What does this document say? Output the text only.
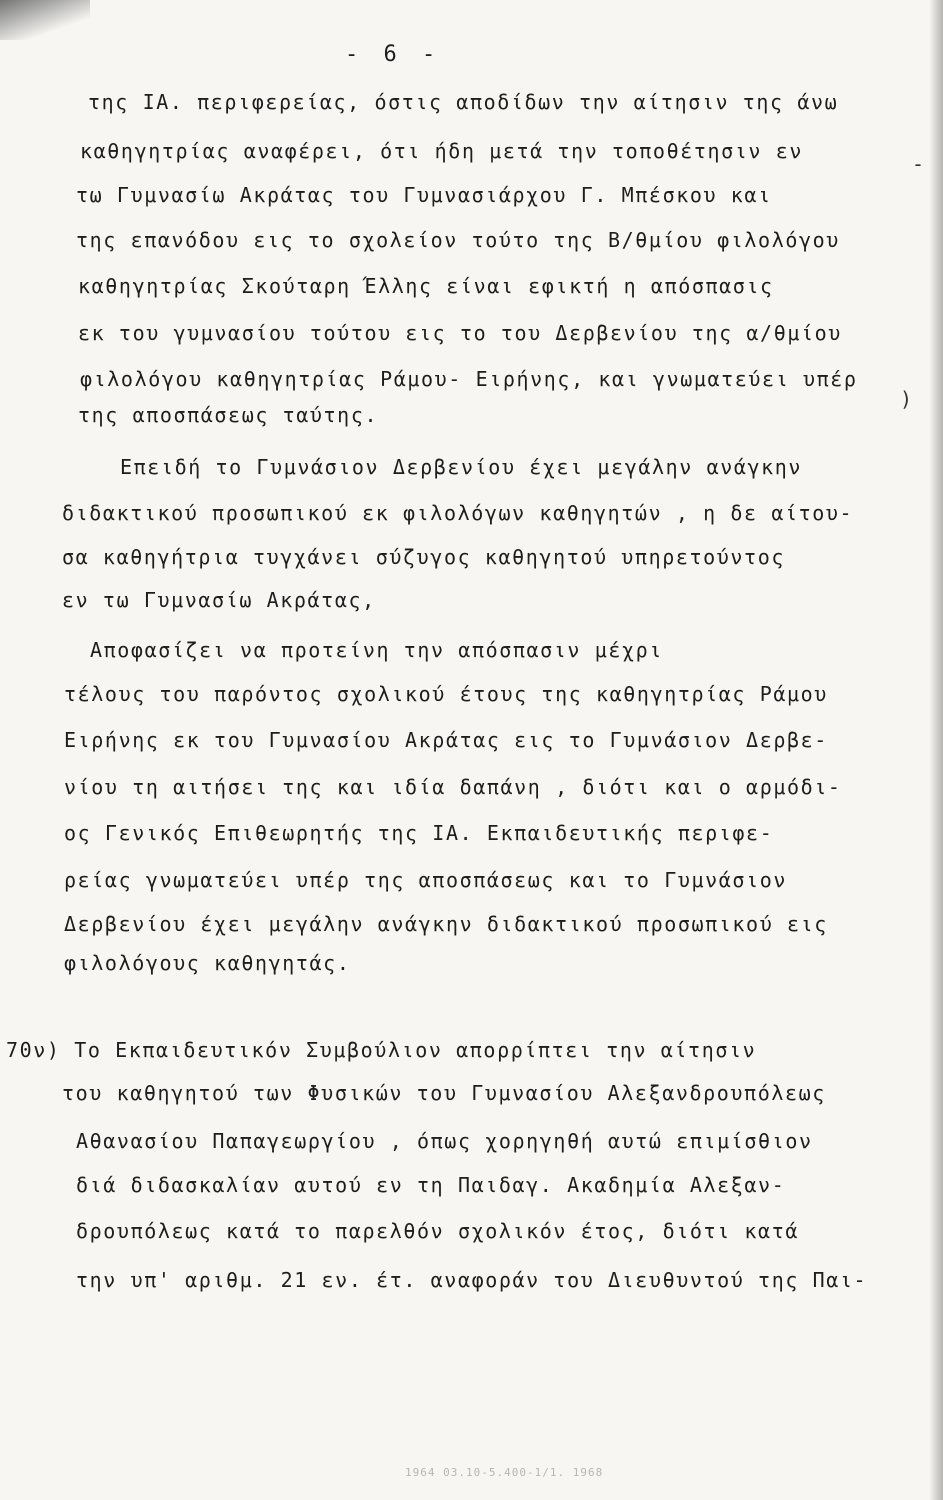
- 6 -
της ΙΑ. περιφερείας, όστις αποδίδων την αίτησιν της άνω
καθηγητρίας αναφέρει, ότι ήδη μετά την τοποθέτησιν εν
τω Γυμνασίω Ακράτας του Γυμνασιάρχου Γ. Μπέσκου και
της επανόδου εις το σχολείον τούτο της Β/θμίου φιλολόγου
καθηγητρίας Σκούταρη Έλλης είναι εφικτή η απόσπασις
εκ του γυμνασίου τούτου εις το του Δερβενίου της α/θμίου
φιλολόγου καθηγητρίας Ράμου- Ειρήνης, και γνωματεύει υπέρ
της αποσπάσεως ταύτης.
Επειδή το Γυμνάσιον Δερβενίου έχει μεγάλην ανάγκην
διδακτικού προσωπικού εκ φιλολόγων καθηγητών , η δε αίτου-
σα καθηγήτρια τυγχάνει σύζυγος καθηγητού υπηρετούντος
εν τω Γυμνασίω Ακράτας,
Αποφασίζει να προτείνη την απόσπασιν μέχρι
τέλους του παρόντος σχολικού έτους της καθηγητρίας Ράμου
Ειρήνης εκ του Γυμνασίου Ακράτας εις το Γυμνάσιον Δερβε-
νίου τη αιτήσει της και ιδία δαπάνη , διότι και ο αρμόδι-
ος Γενικός Επιθεωρητής της ΙΑ. Εκπαιδευτικής περιφε-
ρείας γνωματεύει υπέρ της αποσπάσεως και το Γυμνάσιον
Δερβενίου έχει μεγάλην ανάγκην διδακτικού προσωπικού εις
φιλολόγους καθηγητάς.
70ν) Το Εκπαιδευτικόν Συμβούλιον απορρίπτει την αίτησιν
του καθηγητού των Φυσικών του Γυμνασίου Αλεξανδρουπόλεως
Αθανασίου Παπαγεωργίου , όπως χορηγηθή αυτώ επιμίσθιον
διά διδασκαλίαν αυτού εν τη Παιδαγ. Ακαδημία Αλεξαν-
δρουπόλεως κατά το παρελθόν σχολικόν έτος, διότι κατά
την υπ' αριθμ. 21 εν. έτ. αναφοράν του Διευθυντού της Παι-
)
-
1964 03.10-5.400-1/1. 1968
